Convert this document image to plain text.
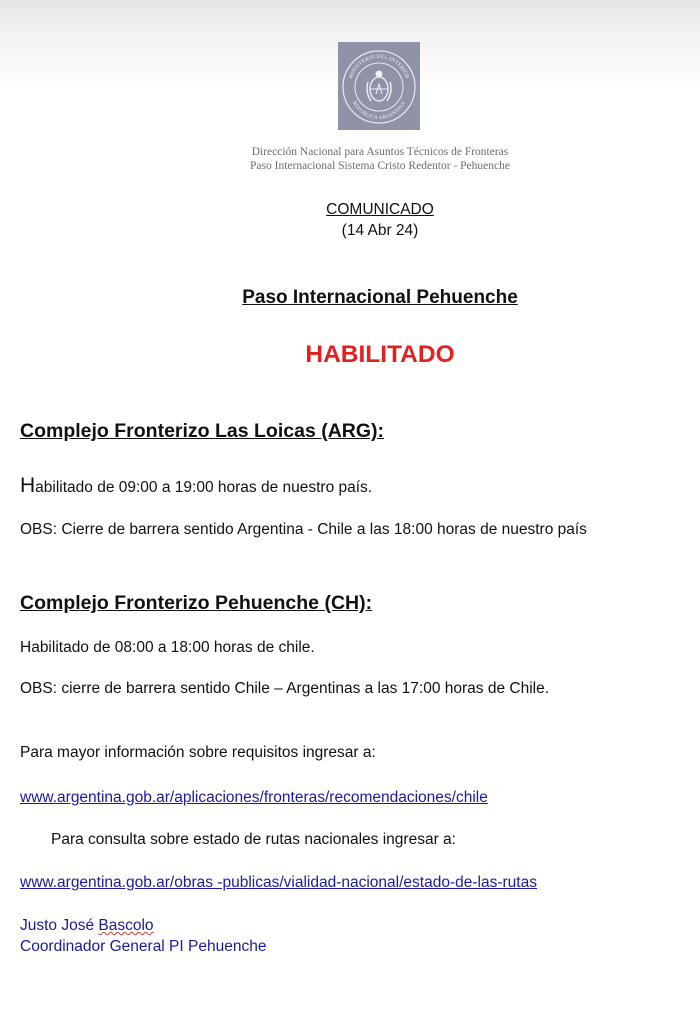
MINISTERIO DEL INTERIOR
REPUBLICA ARGENTINA
Dirección Nacional para Asuntos Técnicos de Fronteras
Paso Internacional Sistema Cristo Redentor - Pehuenche
COMUNICADO
(14 Abr 24)
Paso Internacional Pehuenche
HABILITADO
Complejo Fronterizo Las Loicas (ARG):
Habilitado de 09:00 a 19:00 horas de nuestro país.
OBS: Cierre de barrera sentido Argentina - Chile a las 18:00 horas de nuestro país
Complejo Fronterizo Pehuenche (CH):
Habilitado de 08:00 a 18:00 horas de chile.
OBS: cierre de barrera sentido Chile – Argentinas a las 17:00 horas de Chile.
Para mayor información sobre requisitos ingresar a:
www.argentina.gob.ar/aplicaciones/fronteras/recomendaciones/chile
Para consulta sobre estado de rutas nacionales ingresar a:
www.argentina.gob.ar/obras -publicas/vialidad-nacional/estado-de-las-rutas
Justo José Bascolo
Coordinador General PI Pehuenche
